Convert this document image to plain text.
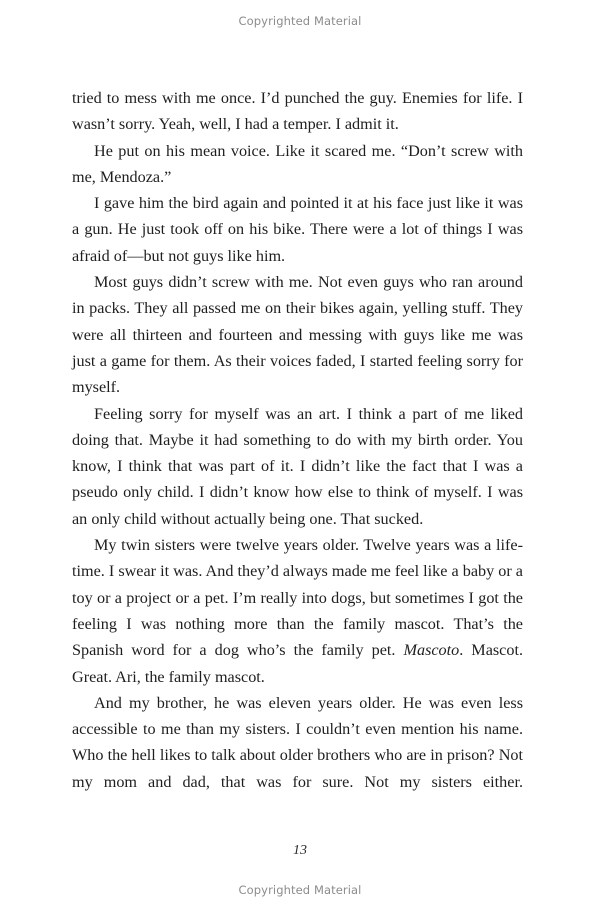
Copyrighted Material

tried to mess with me once. I’d punched the guy. Enemies for life. I wasn’t sorry. Yeah, well, I had a temper. I admit it.

He put on his mean voice. Like it scared me. “Don’t screw with me, Mendoza.”

I gave him the bird again and pointed it at his face just like it was a gun. He just took off on his bike. There were a lot of things I was afraid of—but not guys like him.

Most guys didn’t screw with me. Not even guys who ran around in packs. They all passed me on their bikes again, yelling stuff. They were all thirteen and fourteen and messing with guys like me was just a game for them. As their voices faded, I started feeling sorry for myself.

Feeling sorry for myself was an art. I think a part of me liked doing that. Maybe it had something to do with my birth order. You know, I think that was part of it. I didn’t like the fact that I was a pseudo only child. I didn’t know how else to think of myself. I was an only child without actually being one. That sucked.

My twin sisters were twelve years older. Twelve years was a lifetime. I swear it was. And they’d always made me feel like a baby or a toy or a project or a pet. I’m really into dogs, but sometimes I got the feeling I was nothing more than the family mascot. That’s the Spanish word for a dog who’s the family pet. Mascoto. Mascot. Great. Ari, the family mascot.

And my brother, he was eleven years older. He was even less accessible to me than my sisters. I couldn’t even mention his name. Who the hell likes to talk about older brothers who are in prison? Not my mom and dad, that was for sure. Not my sisters either.

13
Copyrighted Material
